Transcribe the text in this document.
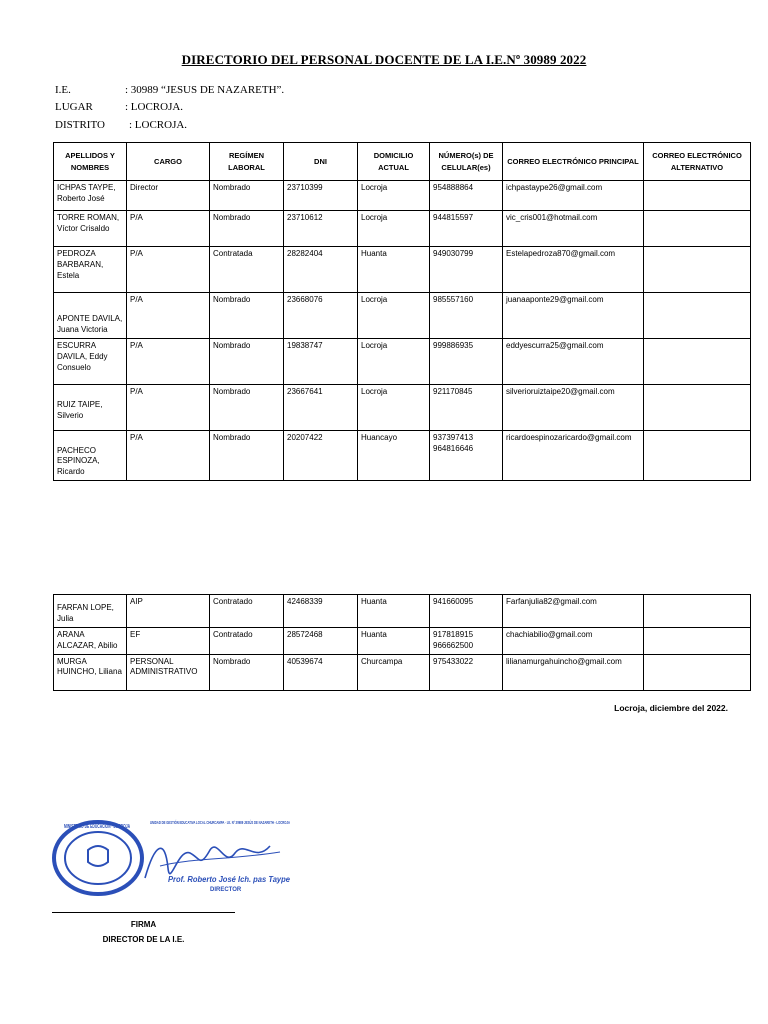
DIRECTORIO DEL PERSONAL DOCENTE DE LA I.E.Nº 30989 2022
I.E.	: 30989 “JESUS DE NAZARETH”.
LUGAR	: LOCROJA.
DISTRITO : LOCROJA.
APELLIDOS Y NOMBRES	CARGO	REGÍMEN LABORAL	DNI	DOMICILIO ACTUAL	NÚMERO(s) DE CELULAR(es)	CORREO ELECTRÓNICO PRINCIPAL	CORREO ELECTRÓNICO ALTERNATIVO
ICHPAS TAYPE, Roberto José	Director	Nombrado	23710399	Locroja	954888864	ichpastaype26@gmail.com	
TORRE ROMAN, Víctor Crisaldo	P/A	Nombrado	23710612	Locroja	944815597	vic_cris001@hotmail.com	
PEDROZA BARBARAN, Estela	P/A	Contratada	28282404	Huanta	949030799	Estelapedroza870@gmail.com	
APONTE DAVILA, Juana Victoria	P/A	Nombrado	23668076	Locroja	985557160	juanaaponte29@gmail.com	
ESCURRA DAVILA, Eddy Consuelo	P/A	Nombrado	19838747	Locroja	999886935	eddyescurra25@gmail.com	
RUIZ TAIPE, Silverio	P/A	Nombrado	23667641	Locroja	921170845	silverioruiztaipe20@gmail.com	
PACHECO ESPINOZA, Ricardo	P/A	Nombrado	20207422	Huancayo	937397413 964816646	ricardoespinozaricardo@gmail.com	
FARFAN LOPE, Julia	AIP	Contratado	42468339	Huanta	941660095	Farfanjulia82@gmail.com	
ARANA ALCAZAR, Abilio	EF	Contratado	28572468	Huanta	917818915 966662500	chachiabilio@gmail.com	
MURGA HUINCHO, Liliana	PERSONAL ADMINISTRATIVO	Nombrado	40539674	Churcampa	975433022	lilianamurgahuincho@gmail.com	
Locroja, diciembre del 2022.
UNIDAD DE GESTIÓN EDUCATIVA LOCAL CHURCAMPA · I.E. Nº 30989 JESÚS DE NAZARETH - LOCROJA
MINISTERIO DE EDUCACIÓN · LOCROJA
Prof. Roberto José Ich. pas Taype
DIRECTOR
FIRMA
DIRECTOR DE LA I.E.
